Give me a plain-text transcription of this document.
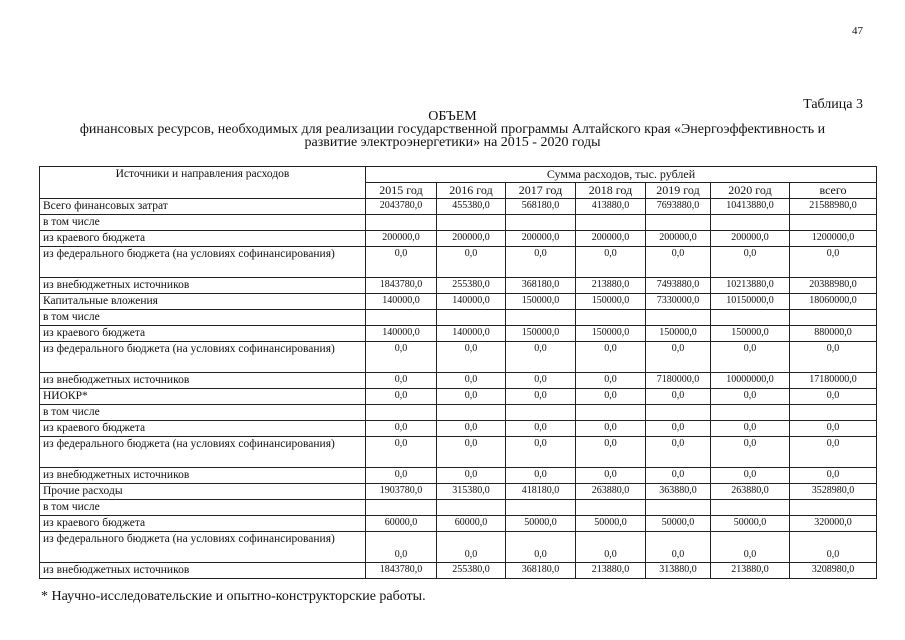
47
Таблица 3
ОБЪЕМ
финансовых ресурсов, необходимых для реализации государственной программы Алтайского края «Энергоэффективность и
развитие электроэнергетики» на 2015 - 2020 годы
Источники и направления расходов	Сумма расходов, тыс. рублей						
	2015 год	2016 год	2017 год	2018 год	2019 год	2020 год	всего
Всего финансовых затрат	2043780,0	455380,0	568180,0	413880,0	7693880,0	10413880,0	21588980,0
в том числе							
из краевого бюджета	200000,0	200000,0	200000,0	200000,0	200000,0	200000,0	1200000,0
из федерального бюджета (на условиях софинансирования)	0,0	0,0	0,0	0,0	0,0	0,0	0,0
из внебюджетных источников	1843780,0	255380,0	368180,0	213880,0	7493880,0	10213880,0	20388980,0
Капитальные вложения	140000,0	140000,0	150000,0	150000,0	7330000,0	10150000,0	18060000,0
в том числе							
из краевого бюджета	140000,0	140000,0	150000,0	150000,0	150000,0	150000,0	880000,0
из федерального бюджета (на условиях софинансирования)	0,0	0,0	0,0	0,0	0,0	0,0	0,0
из внебюджетных источников	0,0	0,0	0,0	0,0	7180000,0	10000000,0	17180000,0
НИОКР*	0,0	0,0	0,0	0,0	0,0	0,0	0,0
в том числе							
из краевого бюджета	0,0	0,0	0,0	0,0	0,0	0,0	0,0
из федерального бюджета (на условиях софинансирования)	0,0	0,0	0,0	0,0	0,0	0,0	0,0
из внебюджетных источников	0,0	0,0	0,0	0,0	0,0	0,0	0,0
Прочие расходы	1903780,0	315380,0	418180,0	263880,0	363880,0	263880,0	3528980,0
в том числе							
из краевого бюджета	60000,0	60000,0	50000,0	50000,0	50000,0	50000,0	320000,0
из федерального бюджета (на условиях софинансирования)	0,0	0,0	0,0	0,0	0,0	0,0	0,0
из внебюджетных источников	1843780,0	255380,0	368180,0	213880,0	313880,0	213880,0	3208980,0
* Научно-исследовательские и опытно-конструкторские работы.
